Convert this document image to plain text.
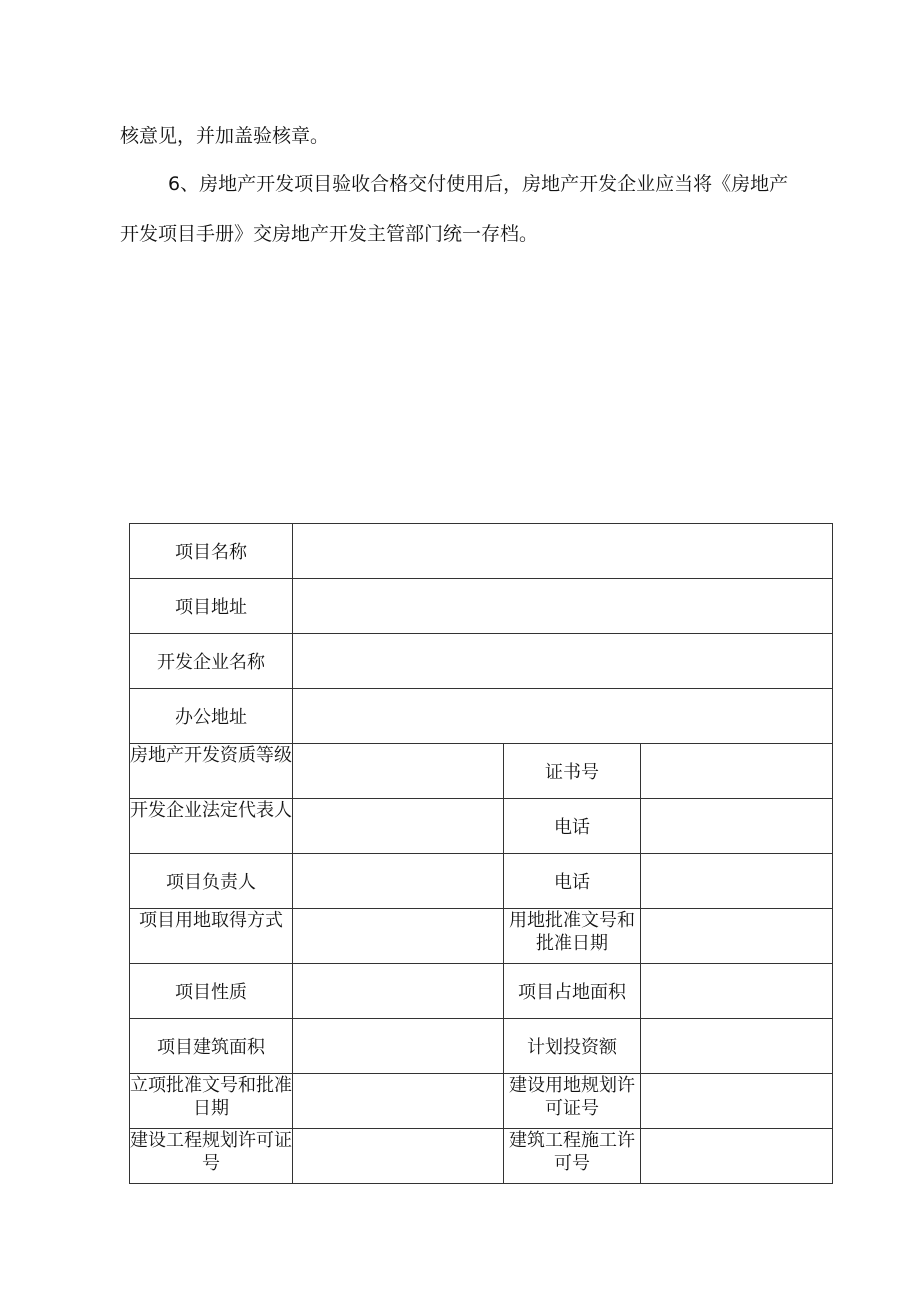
核意见，并加盖验核章。

6、房地产开发项目验收合格交付使用后，房地产开发企业应当将《房地产

开发项目手册》交房地产开发主管部门统一存档。

项目名称			
项目地址			
开发企业名称			
办公地址			
房地产开发资质等级		证书号	
开发企业法定代表人		电话	
项目负责人		电话	
项目用地取得方式		用地批准文号和批准日期	
项目性质		项目占地面积	
项目建筑面积		计划投资额	
立项批准文号和批准日期		建设用地规划许可证号	
建设工程规划许可证号		建筑工程施工许可号	
